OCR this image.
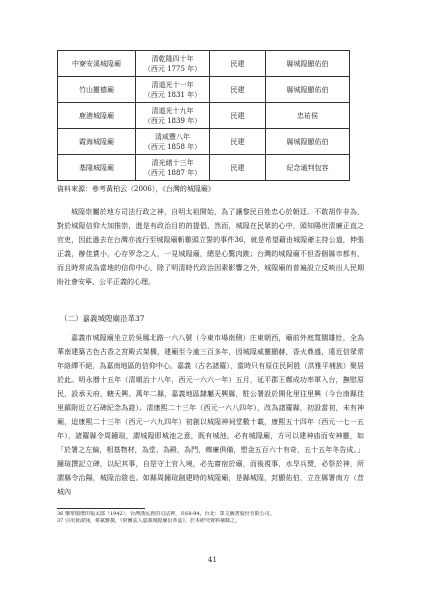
中寮安溪城隍廟	清乾隆四十年
（西元 1775 年）	民建	縣城隍顯佑伯
竹山靈德廟	清道光十一年
（西元 1831 年）	民建	縣城隍顯佑伯
鹿港城隍廟	清道光十九年
（西元 1839 年）	民建	忠祐侯
霞海城隍廟	清咸豐八年
（西元 1858 年）	民建	縣城隍顯佑伯
基隆城隍廟	清光緒十三年
（西元 1887 年）	民建	紀念通判包容
資料來源：參考黃柏云（2006），《台灣的城隍廟》

城隍崇屬於地方司法行政之神，自明太祖開始，為了讓黎民百姓忠心於朝廷、不敢胡作非為，對於城隍信仰大加推崇，進是有政治目的的提倡，然而，城隍在民眾的心中，頭知陽世清廉正直之官吏，因此過去在台灣亦流行至城隍廟斬雞頭立誓的事件36，就是希望藉由城隍爺主持公道，伸張正義，辦佳賞小，心存罗念之人，一見城隍廟，總是心驚肉跳；台灣的城隍廟不但香個縣市都有，而且時常成為當地的信仰中心，除了明清時代政治因素影響之外，城隍廟的普遍設立反映出人民期盼社會安寧、公平正義的心理。

（二）嘉義城隍廟沿革37

嘉義市城隍廟坐立於吳鳳北路一六八號（今東市場南側）庄東朝西，廟前外庭寬闊雄壯，全為華南建築古色古香之宮殿式架構，建廟至今逾三百多年，因城隍威靈顯赫，香火鼎盛，遠近信眾常年絡繹不絕，為嘉南地區的信仰中心。嘉義（古名諸羅），當時只有原住民阿胜（洪雅平埔族）聚居於此。明永曆十五年（清順治十八年，西元一六六一年）五月，延平郡王鄭成功率軍入台，撫慰原民，設承天府，轄天興、萬年二縣，嘉義地區隸屬天興縣，駐公署設於開化里往里興（今台南縣佳里鎮附近立石碑紀念為證）。清康熙二十三年（西元一六八四年），改為諸羅縣，初設當初，未有神廟，迨康熙二十三年（西元一六九四年）初創以城隍神祠堂數十載，康熙五十四年（西元一七一五年），諸羅縣令周鐘瑄，謂城隍即城池之意，既有城池，必有城隍廟，方可以建神庙而安神靈，如「於署之左偏，相基物材，為堂、為殿，為門，鄉廉俱備，塑金五百六十有奇，五十五年冬告成。」鐘瑄撰記立碑，以紀其事，自是守土官入境，必先齋宿於廟，而後視事，水旱兵燹，必祭於神，所謂縣令治陽，城隍治陰也。如縣周鐘瑄創建時的城隍廟，是縣城隍，封顯佑伯，立在縣署南方（昔城內

36 懷寧閣增田福太郎（1942），台灣漢民族的司法神，頁68-94，台北：眾文圖書股份有限公司。
37 引用黃淑翎，蔡斌雅撰，《財團法人嘉義城隍廟沿革誌》，於本研究資料補錄之。
41
